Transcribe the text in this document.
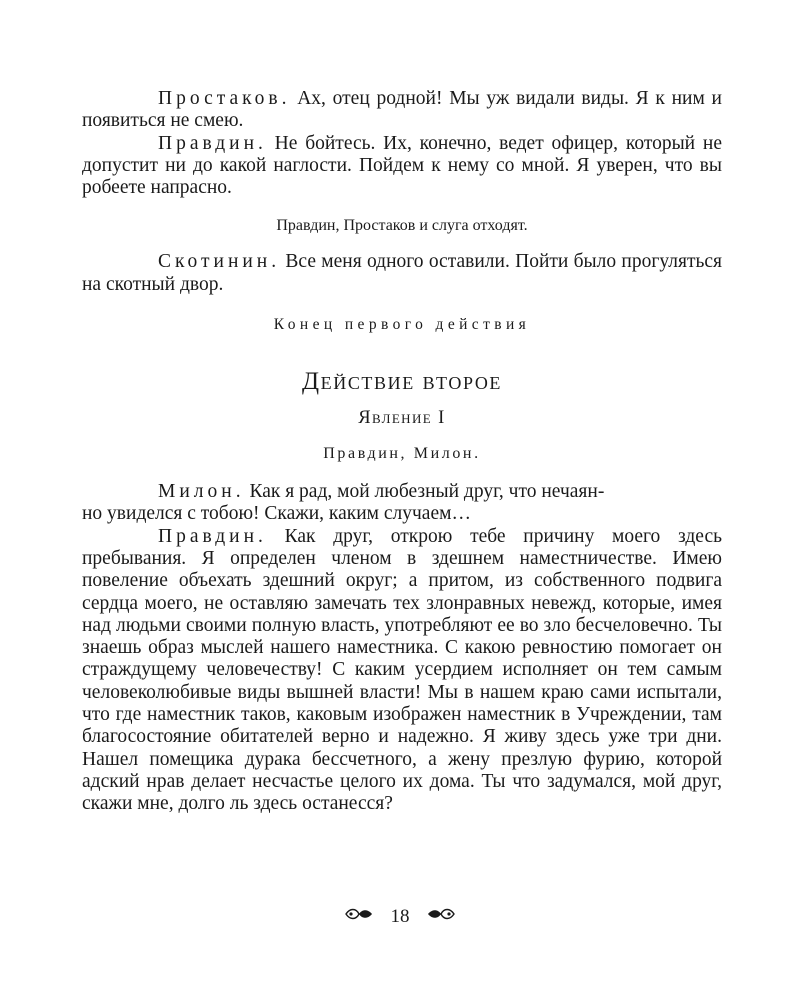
Простаков. Ах, отец родной! Мы уж видали виды. Я к ним и появиться не смею.

Правдин. Не бойтесь. Их, конечно, ведет офицер, который не допустит ни до какой наглости. Пойдем к нему со мной. Я уверен, что вы робеете напрасно.

Правдин, Простаков и слуга отходят.

Скотинин. Все меня одного оставили. Пойти было прогуляться на скотный двор.

Конец первого действия
Действие второе
Явление I
Правдин, Милон.

Милон. Как я рад, мой любезный друг, что нечаян-
но увиделся с тобою! Скажи, каким случаем…

Правдин. Как друг, открою тебе причину моего здесь пребывания. Я определен членом в здешнем наместничестве. Имею повеление объехать здешний округ; а притом, из собственного подвига сердца моего, не оставляю замечать тех злонравных невежд, которые, имея над людьми своими полную власть, употребляют ее во зло бесчеловечно. Ты знаешь образ мыслей нашего наместника. С какою ревностию помогает он страждущему человечеству! С каким усердием исполняет он тем самым человеколюбивые виды вышней власти! Мы в нашем краю сами испытали, что где наместник таков, каковым изображен наместник в Учреждении, там благосостояние обитателей верно и надежно. Я живу здесь уже три дни. Нашел помещика дурака бессчетного, а жену презлую фурию, которой адский нрав делает несчастье целого их дома. Ты что задумался, мой друг, скажи мне, долго ль здесь останесся?

18
